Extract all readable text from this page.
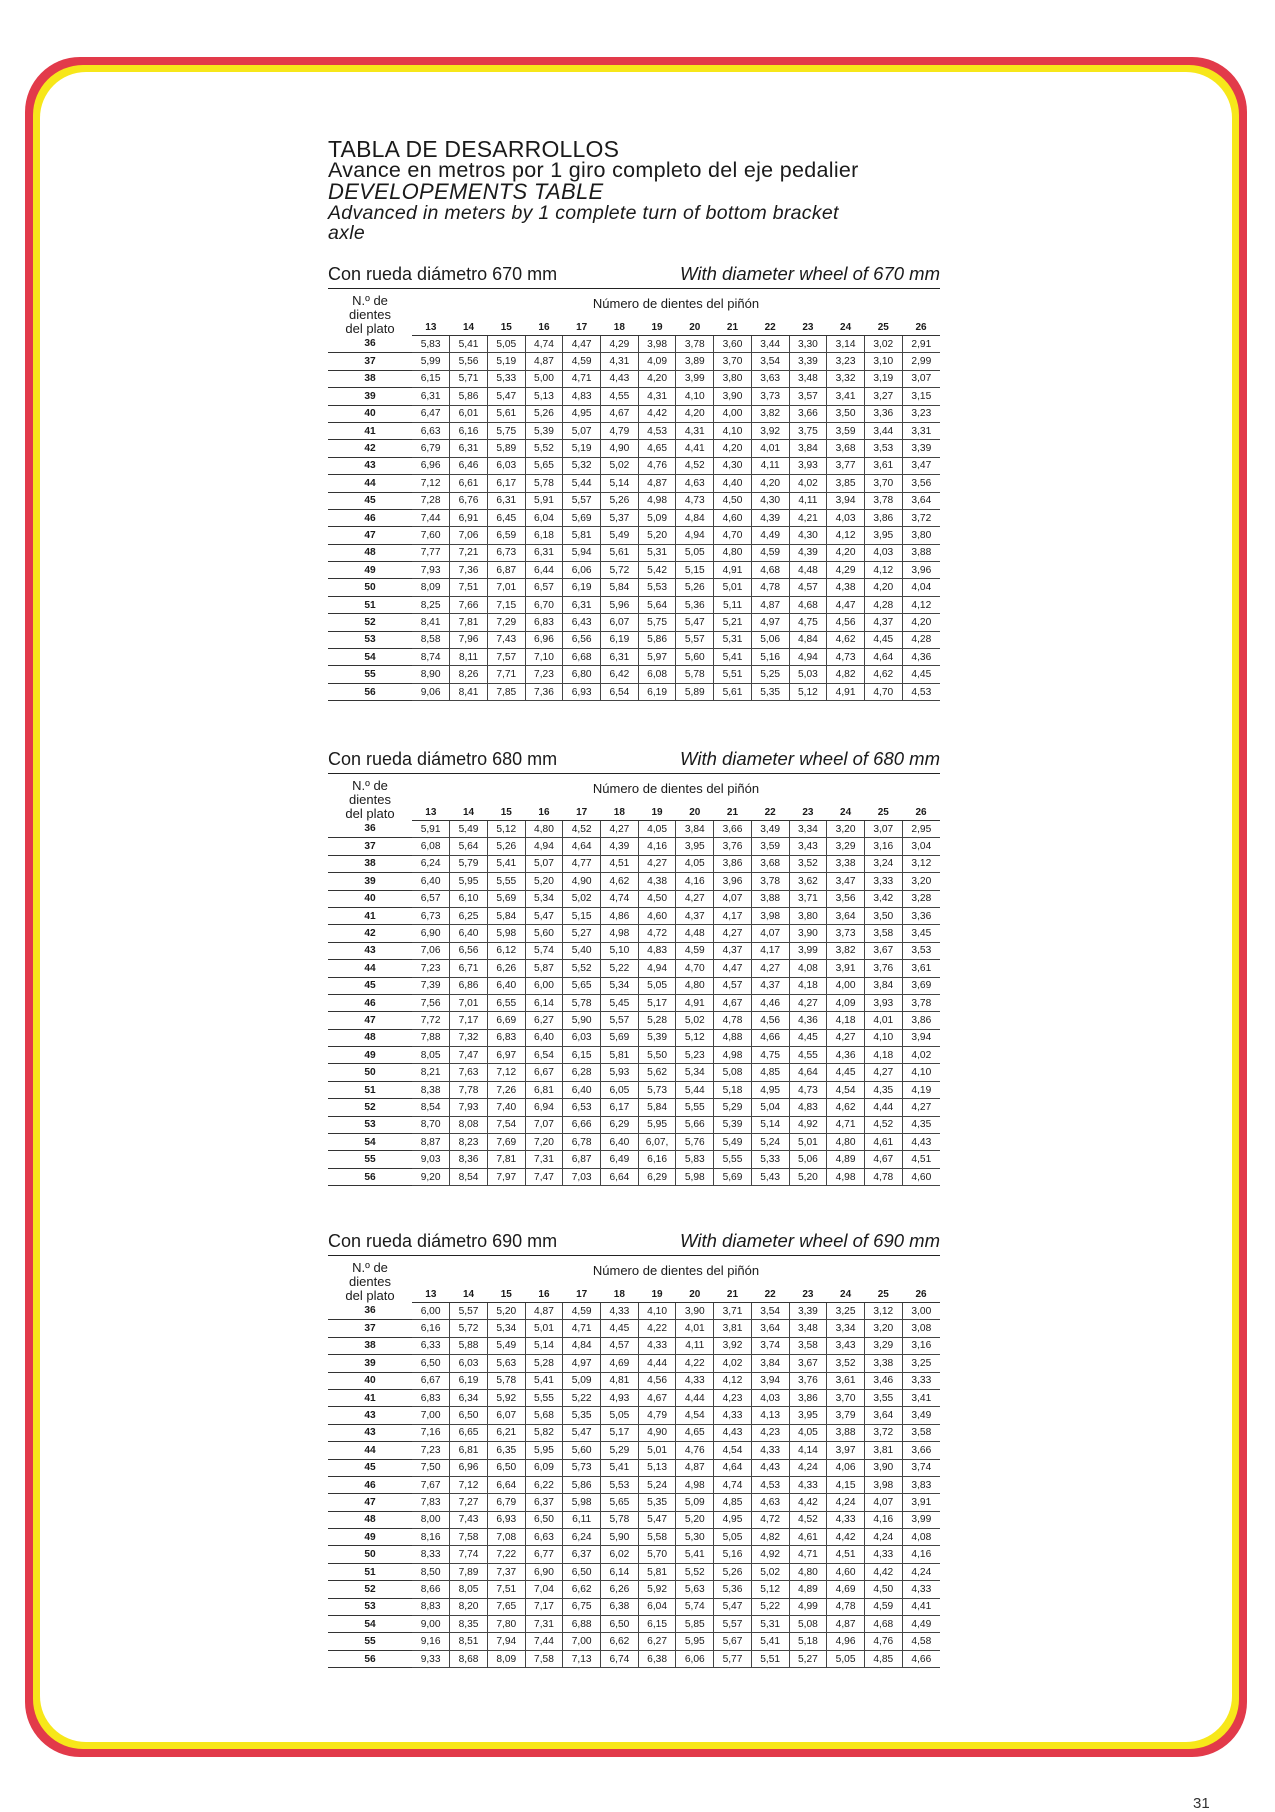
TABLA DE DESARROLLOS
Avance en metros por 1 giro completo del eje pedalier
DEVELOPEMENTS TABLE
Advanced in meters by 1 complete turn of bottom bracket
axle
Con rueda diámetro 670 mm	With diameter wheel of 670 mm
N.º de
dientes
del plato	Número de dientes del piñón													
	13	14	15	16	17	18	19	20	21	22	23	24	25	26
36	5,83	5,41	5,05	4,74	4,47	4,29	3,98	3,78	3,60	3,44	3,30	3,14	3,02	2,91
37	5,99	5,56	5,19	4,87	4,59	4,31	4,09	3,89	3,70	3,54	3,39	3,23	3,10	2,99
38	6,15	5,71	5,33	5,00	4,71	4,43	4,20	3,99	3,80	3,63	3,48	3,32	3,19	3,07
39	6,31	5,86	5,47	5,13	4,83	4,55	4,31	4,10	3,90	3,73	3,57	3,41	3,27	3,15
40	6,47	6,01	5,61	5,26	4,95	4,67	4,42	4,20	4,00	3,82	3,66	3,50	3,36	3,23
41	6,63	6,16	5,75	5,39	5,07	4,79	4,53	4,31	4,10	3,92	3,75	3,59	3,44	3,31
42	6,79	6,31	5,89	5,52	5,19	4,90	4,65	4,41	4,20	4,01	3,84	3,68	3,53	3,39
43	6,96	6,46	6,03	5,65	5,32	5,02	4,76	4,52	4,30	4,11	3,93	3,77	3,61	3,47
44	7,12	6,61	6,17	5,78	5,44	5,14	4,87	4,63	4,40	4,20	4,02	3,85	3,70	3,56
45	7,28	6,76	6,31	5,91	5,57	5,26	4,98	4,73	4,50	4,30	4,11	3,94	3,78	3,64
46	7,44	6,91	6,45	6,04	5,69	5,37	5,09	4,84	4,60	4,39	4,21	4,03	3,86	3,72
47	7,60	7,06	6,59	6,18	5,81	5,49	5,20	4,94	4,70	4,49	4,30	4,12	3,95	3,80
48	7,77	7,21	6,73	6,31	5,94	5,61	5,31	5,05	4,80	4,59	4,39	4,20	4,03	3,88
49	7,93	7,36	6,87	6,44	6,06	5,72	5,42	5,15	4,91	4,68	4,48	4,29	4,12	3,96
50	8,09	7,51	7,01	6,57	6,19	5,84	5,53	5,26	5,01	4,78	4,57	4,38	4,20	4,04
51	8,25	7,66	7,15	6,70	6,31	5,96	5,64	5,36	5,11	4,87	4,68	4,47	4,28	4,12
52	8,41	7,81	7,29	6,83	6,43	6,07	5,75	5,47	5,21	4,97	4,75	4,56	4,37	4,20
53	8,58	7,96	7,43	6,96	6,56	6,19	5,86	5,57	5,31	5,06	4,84	4,62	4,45	4,28
54	8,74	8,11	7,57	7,10	6,68	6,31	5,97	5,60	5,41	5,16	4,94	4,73	4,64	4,36
55	8,90	8,26	7,71	7,23	6,80	6,42	6,08	5,78	5,51	5,25	5,03	4,82	4,62	4,45
56	9,06	8,41	7,85	7,36	6,93	6,54	6,19	5,89	5,61	5,35	5,12	4,91	4,70	4,53
Con rueda diámetro 680 mm	With diameter wheel of 680 mm
N.º de
dientes
del plato	Número de dientes del piñón													
	13	14	15	16	17	18	19	20	21	22	23	24	25	26
36	5,91	5,49	5,12	4,80	4,52	4,27	4,05	3,84	3,66	3,49	3,34	3,20	3,07	2,95
37	6,08	5,64	5,26	4,94	4,64	4,39	4,16	3,95	3,76	3,59	3,43	3,29	3,16	3,04
38	6,24	5,79	5,41	5,07	4,77	4,51	4,27	4,05	3,86	3,68	3,52	3,38	3,24	3,12
39	6,40	5,95	5,55	5,20	4,90	4,62	4,38	4,16	3,96	3,78	3,62	3,47	3,33	3,20
40	6,57	6,10	5,69	5,34	5,02	4,74	4,50	4,27	4,07	3,88	3,71	3,56	3,42	3,28
41	6,73	6,25	5,84	5,47	5,15	4,86	4,60	4,37	4,17	3,98	3,80	3,64	3,50	3,36
42	6,90	6,40	5,98	5,60	5,27	4,98	4,72	4,48	4,27	4,07	3,90	3,73	3,58	3,45
43	7,06	6,56	6,12	5,74	5,40	5,10	4,83	4,59	4,37	4,17	3,99	3,82	3,67	3,53
44	7,23	6,71	6,26	5,87	5,52	5,22	4,94	4,70	4,47	4,27	4,08	3,91	3,76	3,61
45	7,39	6,86	6,40	6,00	5,65	5,34	5,05	4,80	4,57	4,37	4,18	4,00	3,84	3,69
46	7,56	7,01	6,55	6,14	5,78	5,45	5,17	4,91	4,67	4,46	4,27	4,09	3,93	3,78
47	7,72	7,17	6,69	6,27	5,90	5,57	5,28	5,02	4,78	4,56	4,36	4,18	4,01	3,86
48	7,88	7,32	6,83	6,40	6,03	5,69	5,39	5,12	4,88	4,66	4,45	4,27	4,10	3,94
49	8,05	7,47	6,97	6,54	6,15	5,81	5,50	5,23	4,98	4,75	4,55	4,36	4,18	4,02
50	8,21	7,63	7,12	6,67	6,28	5,93	5,62	5,34	5,08	4,85	4,64	4,45	4,27	4,10
51	8,38	7,78	7,26	6,81	6,40	6,05	5,73	5,44	5,18	4,95	4,73	4,54	4,35	4,19
52	8,54	7,93	7,40	6,94	6,53	6,17	5,84	5,55	5,29	5,04	4,83	4,62	4,44	4,27
53	8,70	8,08	7,54	7,07	6,66	6,29	5,95	5,66	5,39	5,14	4,92	4,71	4,52	4,35
54	8,87	8,23	7,69	7,20	6,78	6,40	6,07,	5,76	5,49	5,24	5,01	4,80	4,61	4,43
55	9,03	8,36	7,81	7,31	6,87	6,49	6,16	5,83	5,55	5,33	5,06	4,89	4,67	4,51
56	9,20	8,54	7,97	7,47	7,03	6,64	6,29	5,98	5,69	5,43	5,20	4,98	4,78	4,60
Con rueda diámetro 690 mm	With diameter wheel of 690 mm
N.º de
dientes
del plato	Número de dientes del piñón													
	13	14	15	16	17	18	19	20	21	22	23	24	25	26
36	6,00	5,57	5,20	4,87	4,59	4,33	4,10	3,90	3,71	3,54	3,39	3,25	3,12	3,00
37	6,16	5,72	5,34	5,01	4,71	4,45	4,22	4,01	3,81	3,64	3,48	3,34	3,20	3,08
38	6,33	5,88	5,49	5,14	4,84	4,57	4,33	4,11	3,92	3,74	3,58	3,43	3,29	3,16
39	6,50	6,03	5,63	5,28	4,97	4,69	4,44	4,22	4,02	3,84	3,67	3,52	3,38	3,25
40	6,67	6,19	5,78	5,41	5,09	4,81	4,56	4,33	4,12	3,94	3,76	3,61	3,46	3,33
41	6,83	6,34	5,92	5,55	5,22	4,93	4,67	4,44	4,23	4,03	3,86	3,70	3,55	3,41
43	7,00	6,50	6,07	5,68	5,35	5,05	4,79	4,54	4,33	4,13	3,95	3,79	3,64	3,49
43	7,16	6,65	6,21	5,82	5,47	5,17	4,90	4,65	4,43	4,23	4,05	3,88	3,72	3,58
44	7,23	6,81	6,35	5,95	5,60	5,29	5,01	4,76	4,54	4,33	4,14	3,97	3,81	3,66
45	7,50	6,96	6,50	6,09	5,73	5,41	5,13	4,87	4,64	4,43	4,24	4,06	3,90	3,74
46	7,67	7,12	6,64	6,22	5,86	5,53	5,24	4,98	4,74	4,53	4,33	4,15	3,98	3,83
47	7,83	7,27	6,79	6,37	5,98	5,65	5,35	5,09	4,85	4,63	4,42	4,24	4,07	3,91
48	8,00	7,43	6,93	6,50	6,11	5,78	5,47	5,20	4,95	4,72	4,52	4,33	4,16	3,99
49	8,16	7,58	7,08	6,63	6,24	5,90	5,58	5,30	5,05	4,82	4,61	4,42	4,24	4,08
50	8,33	7,74	7,22	6,77	6,37	6,02	5,70	5,41	5,16	4,92	4,71	4,51	4,33	4,16
51	8,50	7,89	7,37	6,90	6,50	6,14	5,81	5,52	5,26	5,02	4,80	4,60	4,42	4,24
52	8,66	8,05	7,51	7,04	6,62	6,26	5,92	5,63	5,36	5,12	4,89	4,69	4,50	4,33
53	8,83	8,20	7,65	7,17	6,75	6,38	6,04	5,74	5,47	5,22	4,99	4,78	4,59	4,41
54	9,00	8,35	7,80	7,31	6,88	6,50	6,15	5,85	5,57	5,31	5,08	4,87	4,68	4,49
55	9,16	8,51	7,94	7,44	7,00	6,62	6,27	5,95	5,67	5,41	5,18	4,96	4,76	4,58
56	9,33	8,68	8,09	7,58	7,13	6,74	6,38	6,06	5,77	5,51	5,27	5,05	4,85	4,66
31
